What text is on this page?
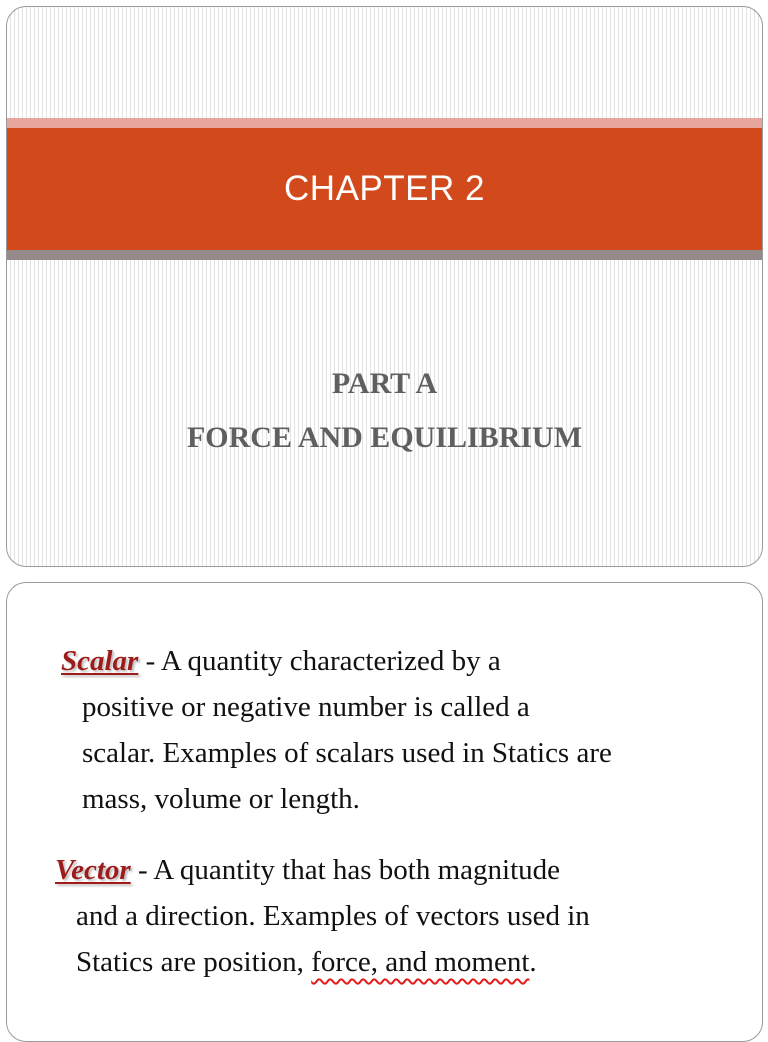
CHAPTER 2
PART A
FORCE AND EQUILIBRIUM
Scalar - A quantity characterized by a
positive or negative number is called a
scalar. Examples of scalars used in Statics are
mass, volume or length.
Vector - A quantity that has both magnitude
and a direction. Examples of vectors used in
Statics are position, force, and moment.
